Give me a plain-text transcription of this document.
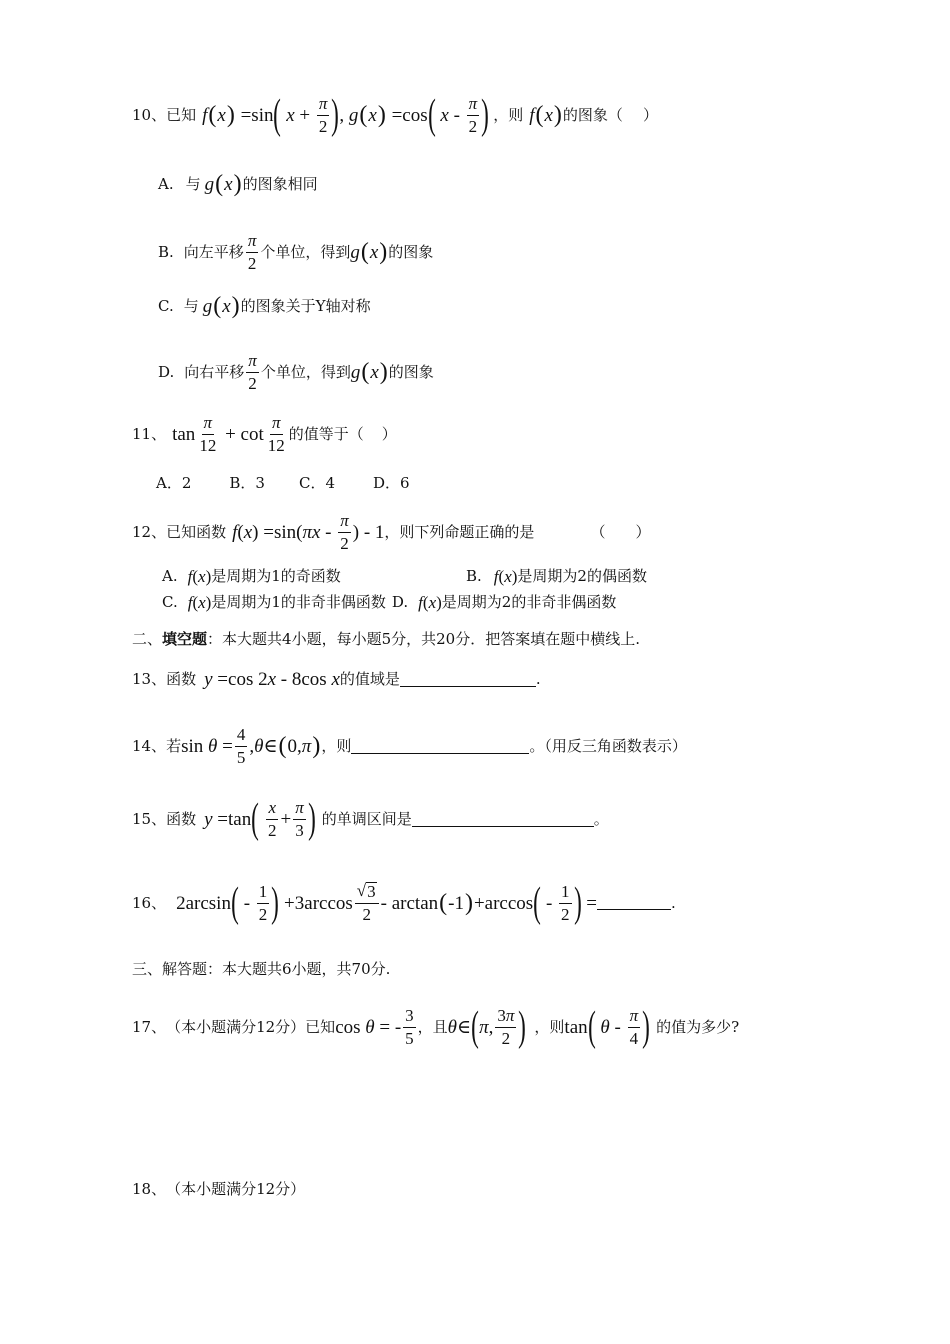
10、 已知 f ( x ) =sin (
x +
π
2 ) , g ( x ) =cos (
x -
π
2 ) ，则 f ( x ) 的图象（ ）
A. 与 g ( x ) 的图象相同
B. 向左平移
π
2
个单位，得到 g ( x ) 的图象
C. 与 g ( x ) 的图象关于Y轴对称
D. 向右平移
π
2
个单位，得到 g ( x ) 的图象
11、 tan
π
12
+ cot
π
12
的值等于（ ）
A．2	B．3 C．4	D．6
12、 已知函数 f ( x ) =sin( πx -
π
2
) - 1 ，则下列命题正确的是	（　　）
A. f ( x ) 是周期为1的奇函数	B. f ( x ) 是周期为2的偶函数
C. f ( x ) 是周期为1的非奇非偶函数 D. f ( x ) 是周期为2的非奇非偶函数
二、 填空题 ：本大题共4小题，每小题5分，共20分．把答案填在题中横线上.
13、 函数 y =cos 2 x - 8cos x 的值域是	.
14、 若 sin θ =
4
5
, θ ∈ ( 0, π ) ，则	。（用反三角函数表示）
15、 函数 y =tan (
x
2
+
π
3 ) 的单调区间是	。
16、 2arcsin ( -
1
2 ) +3arccos
√ 3
2
- arctan ( -1 ) +arccos ( -
1
2 ) =	.
三、解答题：本大题共6小题，共70分.
17、 （本小题满分12分）已知 cos θ = -
3
5
，且 θ ∈ ( π ,
3π
2 ) ，则 tan (
θ -
π
4 ) 的值为多少?
18、 （本小题满分12分）
